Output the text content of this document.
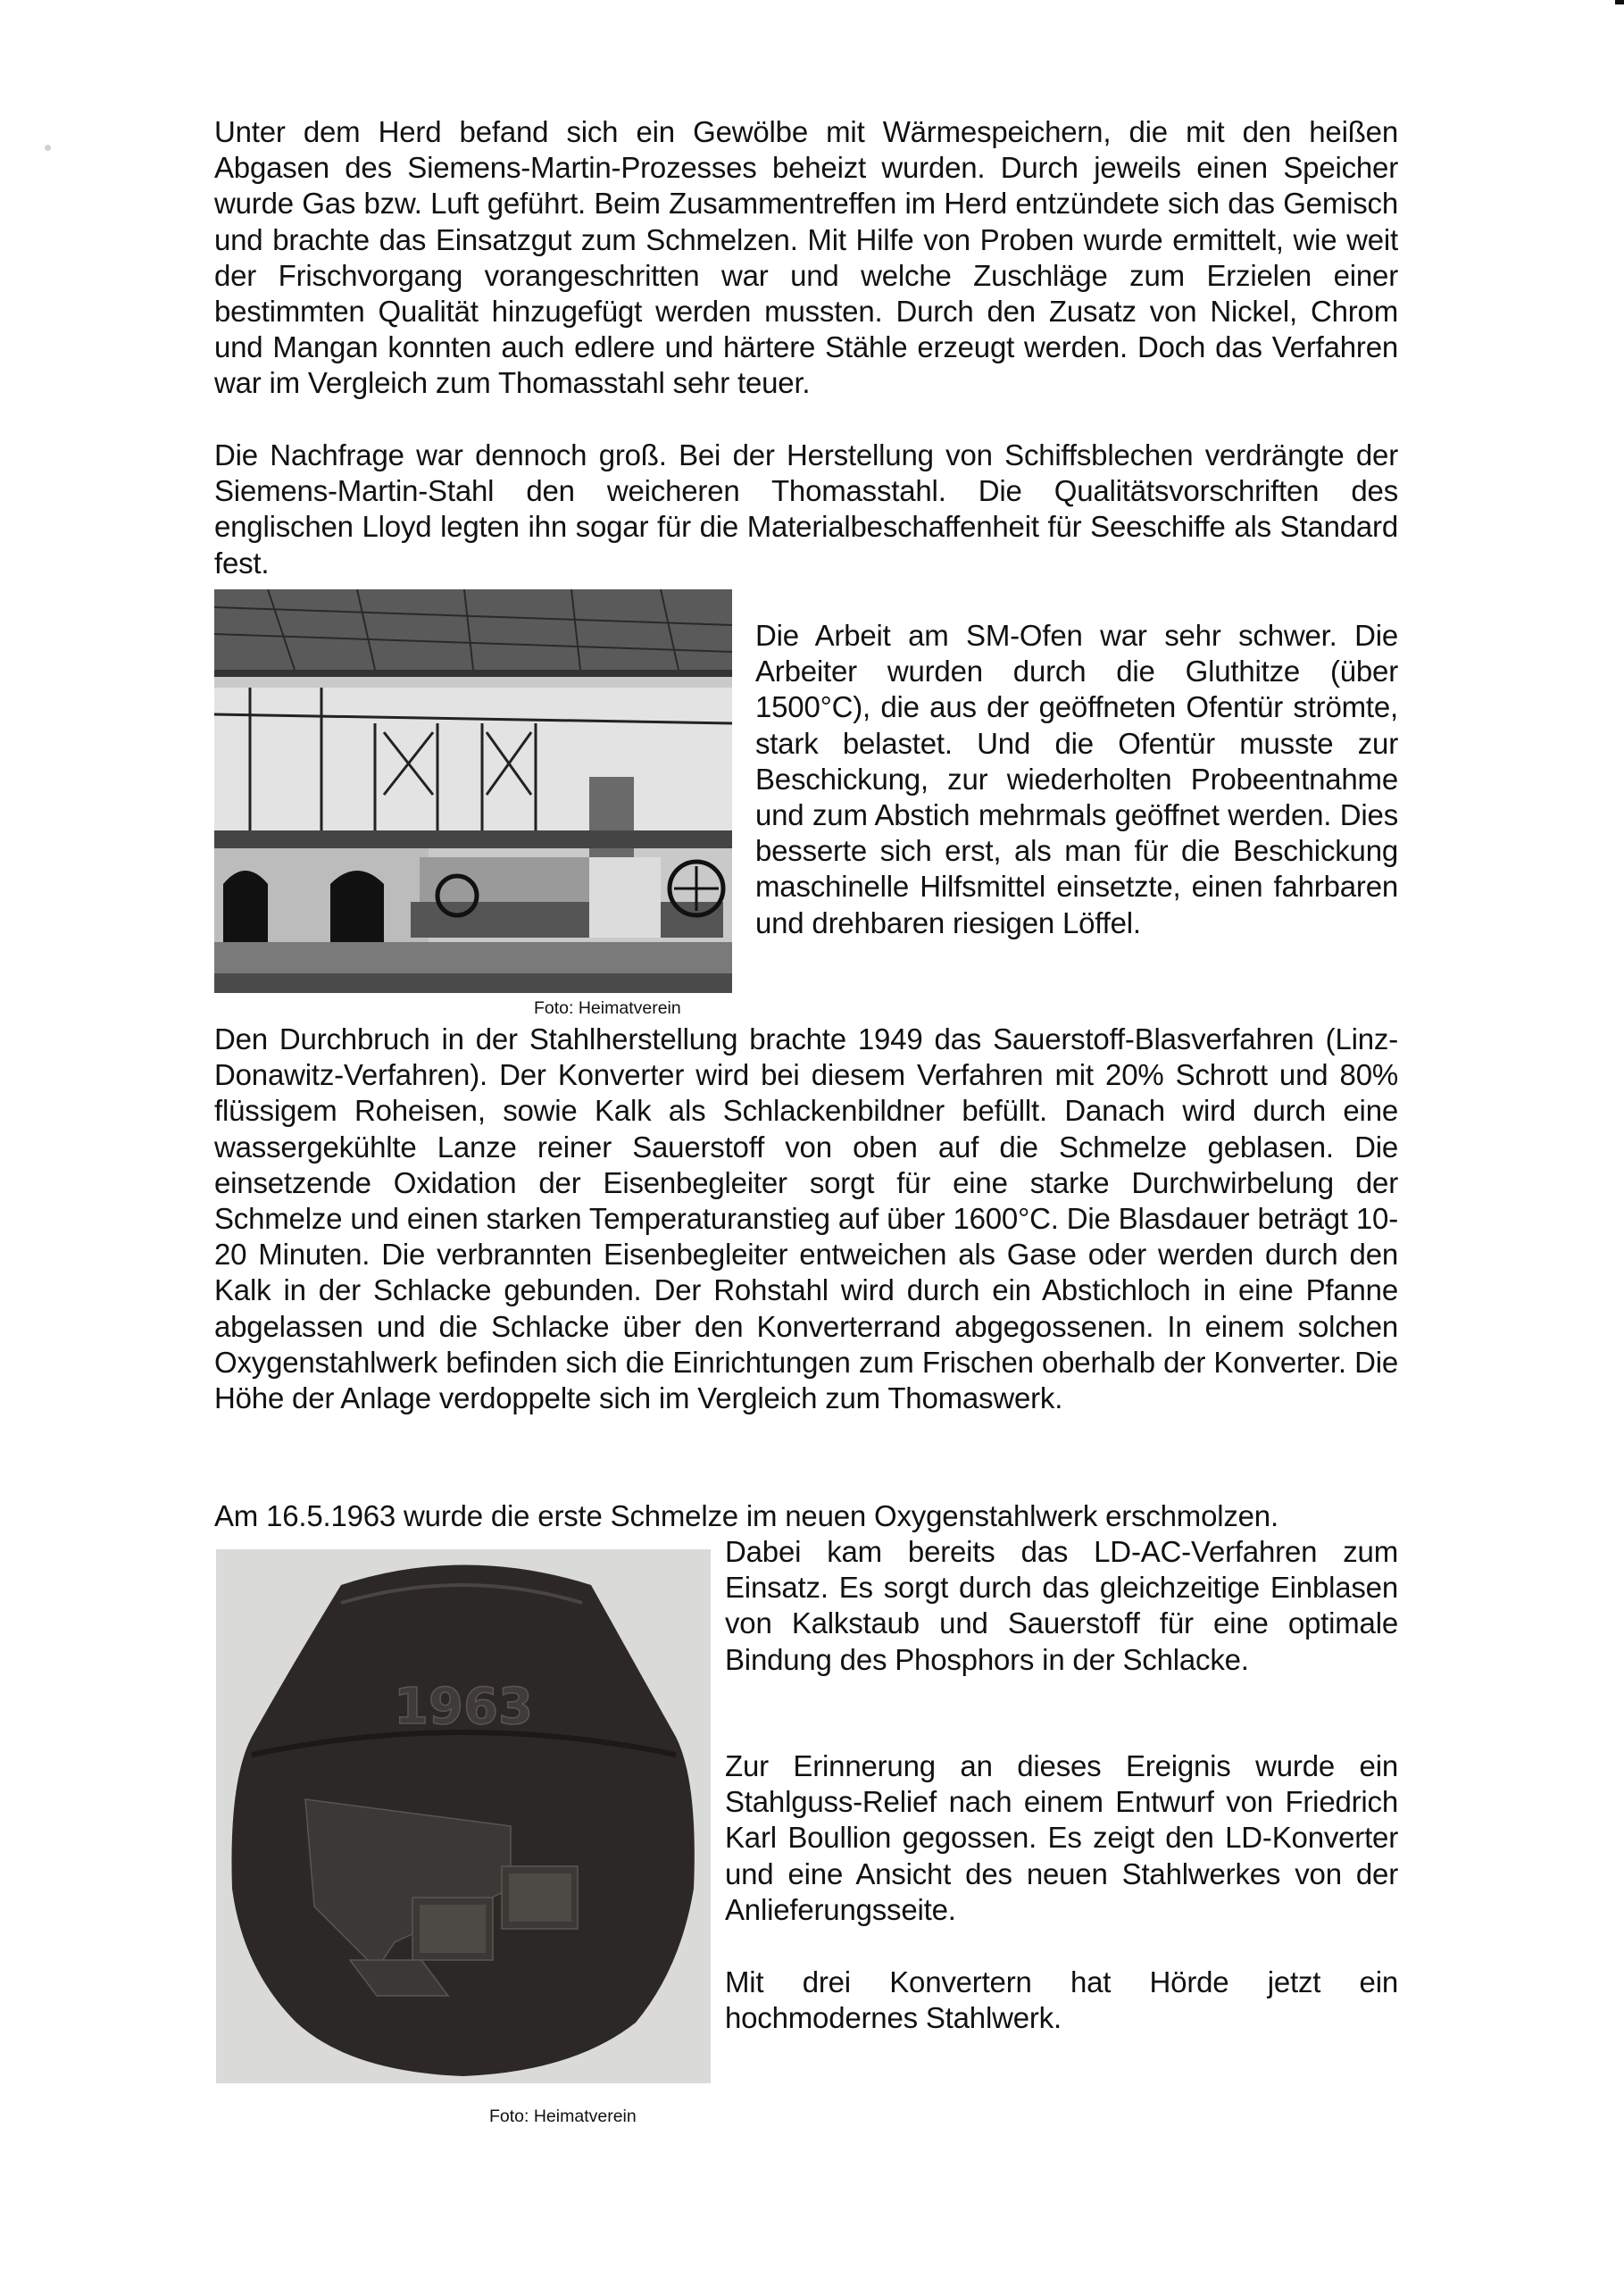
Unter dem Herd befand sich ein Gewölbe mit Wärmespeichern, die mit den heißen Abgasen des Siemens-Martin-Prozesses beheizt wurden. Durch jeweils einen Speicher wurde Gas bzw. Luft geführt. Beim Zusammentreffen im Herd entzündete sich das Gemisch und brachte das Einsatzgut zum Schmelzen. Mit Hilfe von Proben wurde ermittelt, wie weit der Frischvorgang vorangeschritten war und welche Zuschläge zum Erzielen einer bestimmten Qualität hinzugefügt werden mussten. Durch den Zusatz von Nickel, Chrom und Mangan konnten auch edlere und härtere Stähle erzeugt werden. Doch das Verfahren war im Vergleich zum Thomasstahl sehr teuer.

Die Nachfrage war dennoch groß. Bei der Herstellung von Schiffsblechen verdrängte der Siemens-Martin-Stahl den weicheren Thomasstahl. Die Qualitätsvorschriften des englischen Lloyd legten ihn sogar für die Materialbeschaffenheit für Seeschiffe als Standard fest.

Foto: Heimatverein

Die Arbeit am SM-Ofen war sehr schwer. Die Arbeiter wurden durch die Gluthitze (über 1500°C), die aus der geöffneten Ofentür strömte, stark belastet. Und die Ofentür musste zur Beschickung, zur wiederholten Probeentnahme und zum Abstich mehrmals geöffnet werden. Dies besserte sich erst, als man für die Beschickung maschinelle Hilfsmittel einsetzte, einen fahrbaren und drehbaren riesigen Löffel.

Den Durchbruch in der Stahlherstellung brachte 1949 das Sauerstoff-Blasverfahren (Linz-Donawitz-Verfahren). Der Konverter wird bei diesem Verfahren mit 20% Schrott und 80% flüssigem Roheisen, sowie Kalk als Schlackenbildner befüllt. Danach wird durch eine wassergekühlte Lanze reiner Sauerstoff von oben auf die Schmelze geblasen. Die einsetzende Oxidation der Eisenbegleiter sorgt für eine starke Durchwirbelung der Schmelze und einen starken Temperaturanstieg auf über 1600°C. Die Blasdauer beträgt 10-20 Minuten. Die verbrannten Eisenbegleiter entweichen als Gase oder werden durch den Kalk in der Schlacke gebunden. Der Rohstahl wird durch ein Abstichloch in eine Pfanne abgelassen und die Schlacke über den Konverterrand abgegossenen. In einem solchen Oxygenstahlwerk befinden sich die Einrichtungen zum Frischen oberhalb der Konverter. Die Höhe der Anlage verdoppelte sich im Vergleich zum Thomaswerk.

Am 16.5.1963 wurde die erste Schmelze im neuen Oxygenstahlwerk erschmolzen.

1963

Foto: Heimatverein

Dabei kam bereits das LD-AC-Verfahren zum Einsatz. Es sorgt durch das gleichzeitige Einblasen von Kalkstaub und Sauerstoff für eine optimale Bindung des Phosphors in der Schlacke.

Zur Erinnerung an dieses Ereignis wurde ein Stahlguss-Relief nach einem Entwurf von Friedrich Karl Boullion gegossen. Es zeigt den LD-Konverter und eine Ansicht des neuen Stahlwerkes von der Anlieferungsseite.

Mit drei Konvertern hat Hörde jetzt ein hochmodernes Stahlwerk.
